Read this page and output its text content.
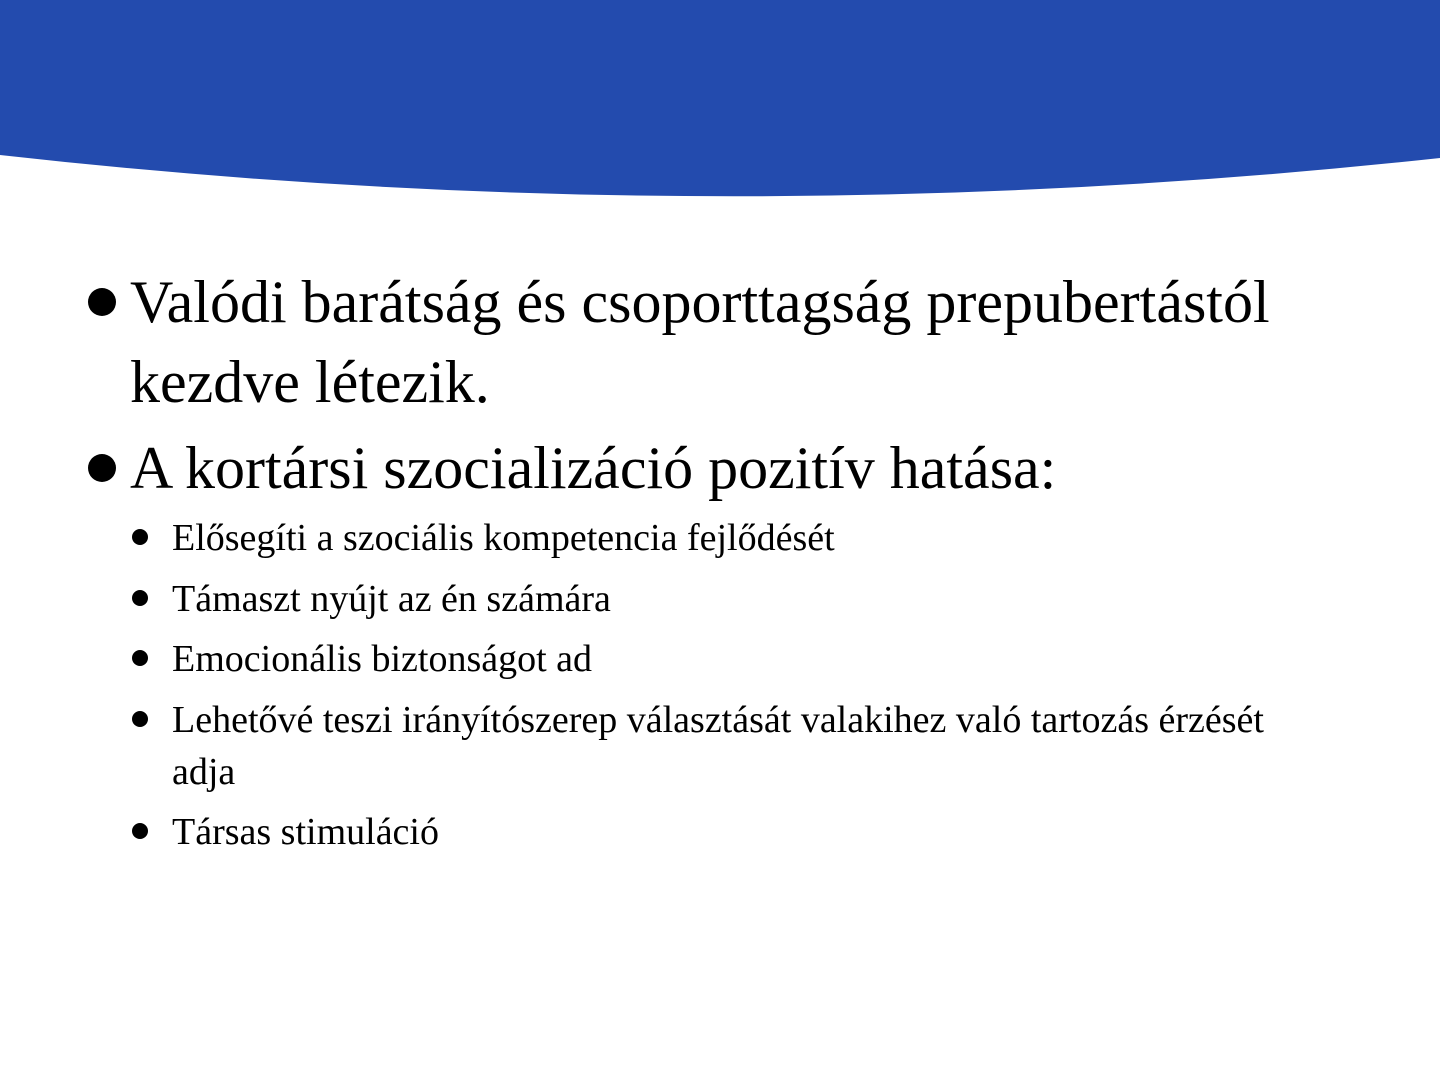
Valódi barátság és csoporttagság prepubertástól kezdve létezik.
A kortársi szocializáció pozitív hatása:
Elősegíti a szociális kompetencia fejlődését
Támaszt nyújt az én számára
Emocionális biztonságot ad
Lehetővé teszi irányítószerep választását valakihez való tartozás érzését adja
Társas stimuláció
